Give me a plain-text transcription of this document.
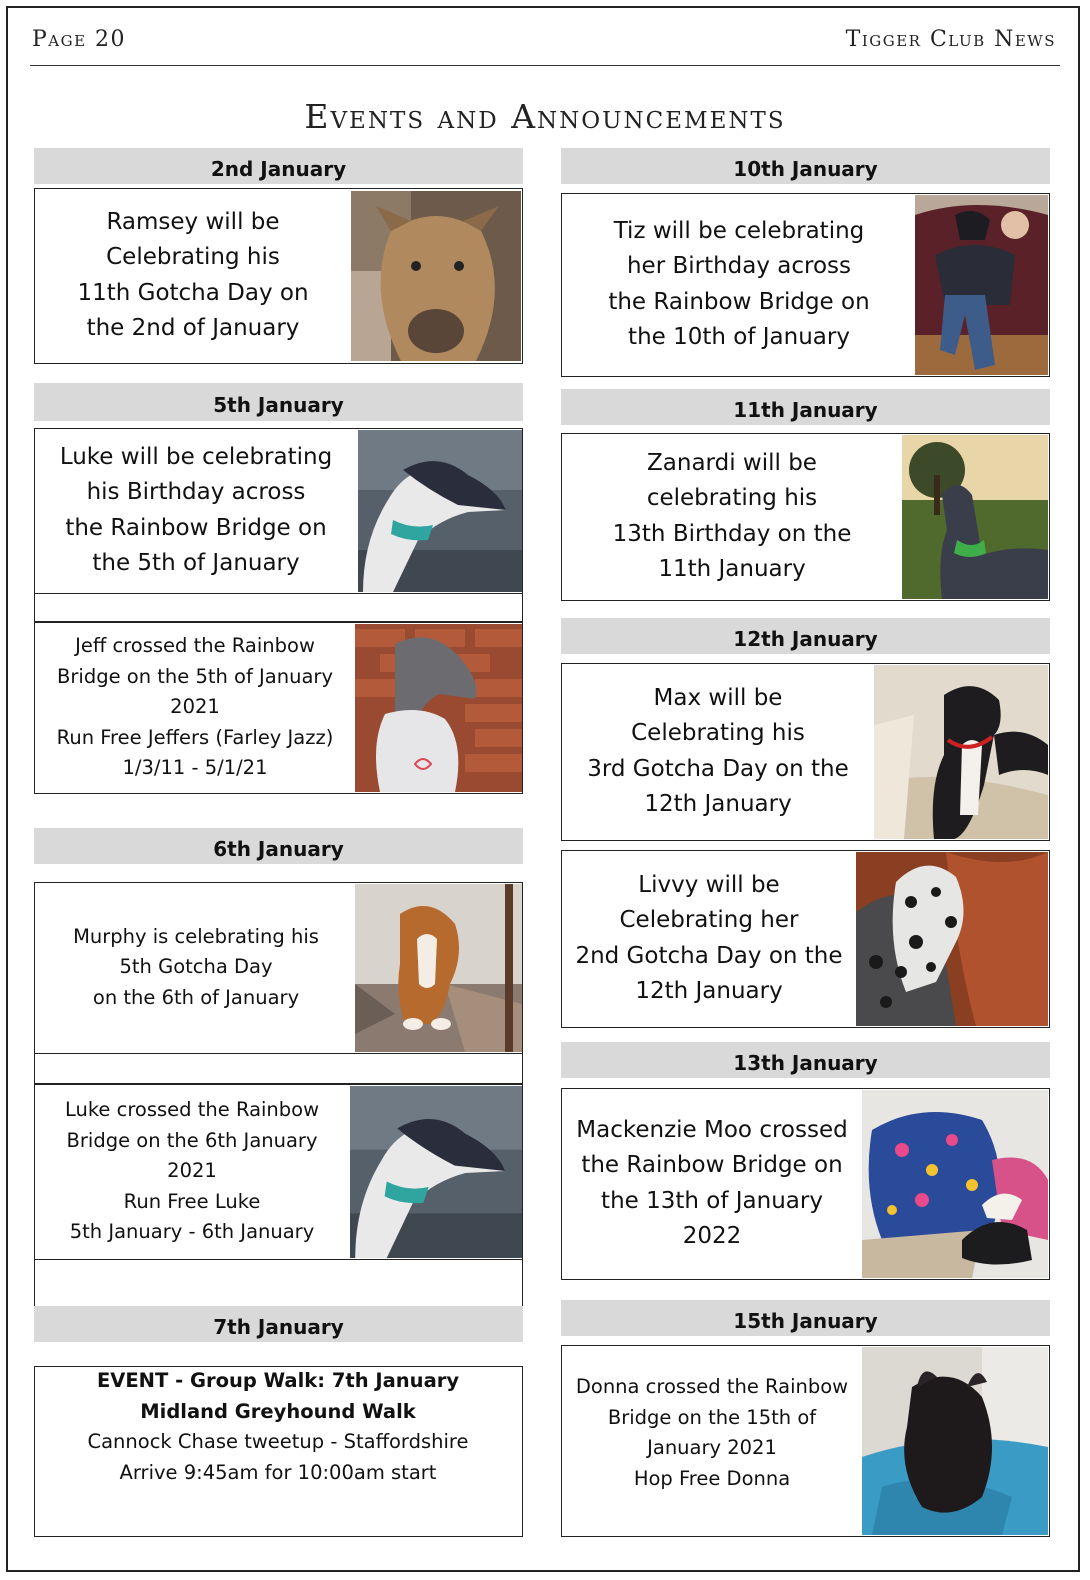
Page 20	Tigger Club News
Events and Announcements
2nd January
Ramsey will be
Celebrating his
11th Gotcha Day on
the 2nd of January
5th January
Luke will be celebrating
his Birthday across
the Rainbow Bridge on
the 5th of January
Jeff crossed the Rainbow
Bridge on the 5th of January
2021
Run Free Jeffers (Farley Jazz)
1/3/11 - 5/1/21
6th January
Murphy is celebrating his
5th Gotcha Day
on the 6th of January
Luke crossed the Rainbow
Bridge on the 6th January
2021
Run Free Luke
5th January - 6th January
7th January
EVENT - Group Walk: 7th January
Midland Greyhound Walk
Cannock Chase tweetup - Staffordshire
Arrive 9:45am for 10:00am start
10th January
Tiz will be celebrating
her Birthday across
the Rainbow Bridge on
the 10th of January
11th January
Zanardi will be
celebrating his
13th Birthday on the
11th January
12th January
Max will be
Celebrating his
3rd Gotcha Day on the
12th January
Livvy will be
Celebrating her
2nd Gotcha Day on the
12th January
13th January
Mackenzie Moo crossed
the Rainbow Bridge on
the 13th of January
2022
15th January
Donna crossed the Rainbow
Bridge on the 15th of
January 2021
Hop Free Donna
